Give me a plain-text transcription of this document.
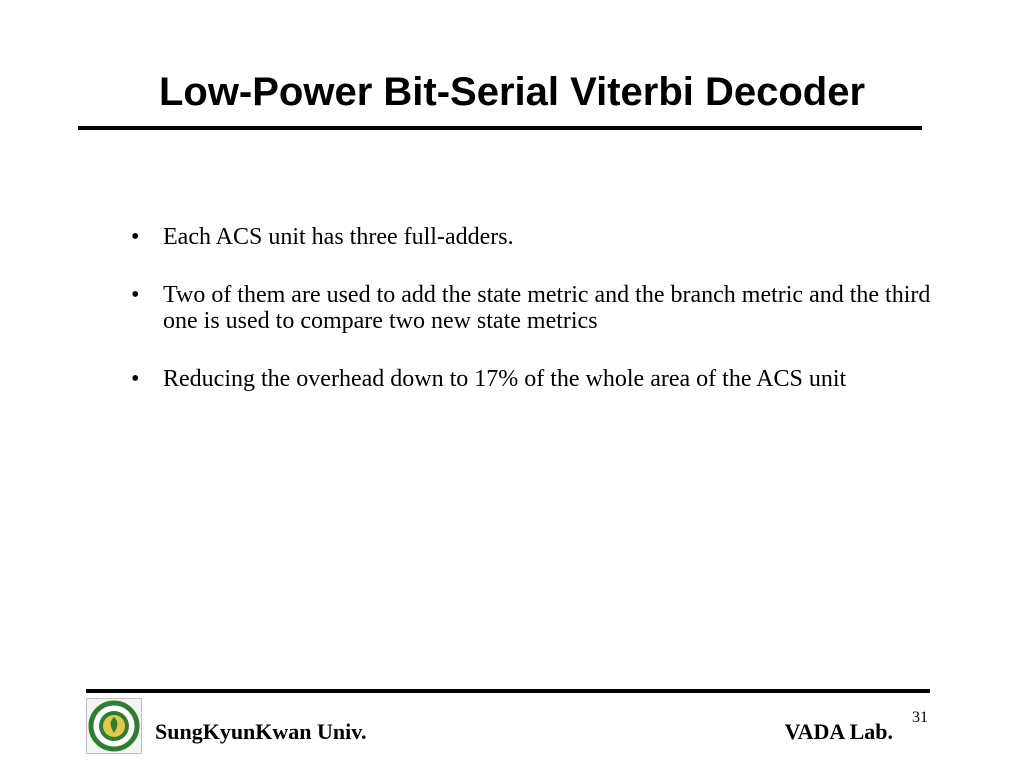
Low-Power Bit-Serial Viterbi Decoder
• Each ACS unit has three full-adders.
• Two of them are used to add the state metric and the branch metric and the third one is used to compare two new state metrics
• Reducing the overhead down to 17% of the whole area of the ACS unit
SungKyunKwan Univ.	VADA Lab.
31
